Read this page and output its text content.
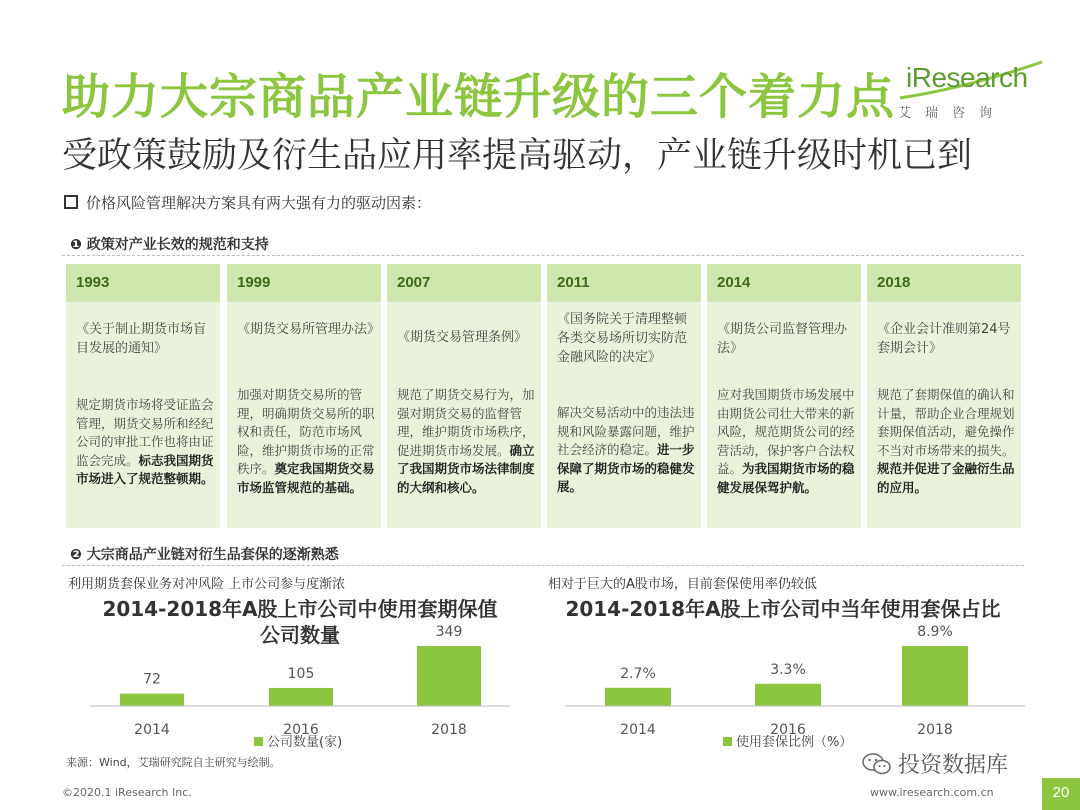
助力大宗商品产业链升级的三个着力点
受政策鼓励及衍生品应用率提高驱动，产业链升级时机已到
iResearch
艾瑞咨询
价格风险管理解决方案具有两大强有力的驱动因素：
❶ 政策对产业长效的规范和支持
1993
《关于制止期货市场盲目发展的通知》
规定期货市场将受证监会管理，期货交易所和经纪公司的审批工作也将由证监会完成。标志我国期货市场进入了规范整顿期。
1999
《期货交易所管理办法》
加强对期货交易所的管理，明确期货交易所的职权和责任，防范市场风险，维护期货市场的正常秩序。奠定我国期货交易市场监管规范的基础。
2007
《期货交易管理条例》
规范了期货交易行为，加强对期货交易的监督管理，维护期货市场秩序，促进期货市场发展。确立了我国期货市场法律制度的大纲和核心。
2011
《国务院关于清理整顿各类交易场所切实防范金融风险的决定》
解决交易活动中的违法违规和风险暴露问题，维护社会经济的稳定。进一步保障了期货市场的稳健发展。
2014
《期货公司监督管理办法》
应对我国期货市场发展中由期货公司壮大带来的新风险，规范期货公司的经营活动，保护客户合法权益。为我国期货市场的稳健发展保驾护航。
2018
《企业会计准则第24号套期会计》
规范了套期保值的确认和计量，帮助企业合理规划套期保值活动，避免操作不当对市场带来的损失。规范并促进了金融衍生品的应用。
❷ 大宗商品产业链对衍生品套保的逐渐熟悉
利用期货套保业务对冲风险 上市公司参与度渐浓	相对于巨大的A股市场，目前套保使用率仍较低
2014-2018年A股上市公司中使用套期保值
公司数量
2014-2018年A股上市公司中当年使用套保占比
72
2014
105
2016
349
2018
公司数量(家)
2.7%
2014
3.3%
2016
8.9%
2018
使用套保比例（%）
来源：Wind，艾瑞研究院自主研究与绘制。	投资数据库
©2020.1 iResearch Inc.	www.iresearch.com.cn	20
